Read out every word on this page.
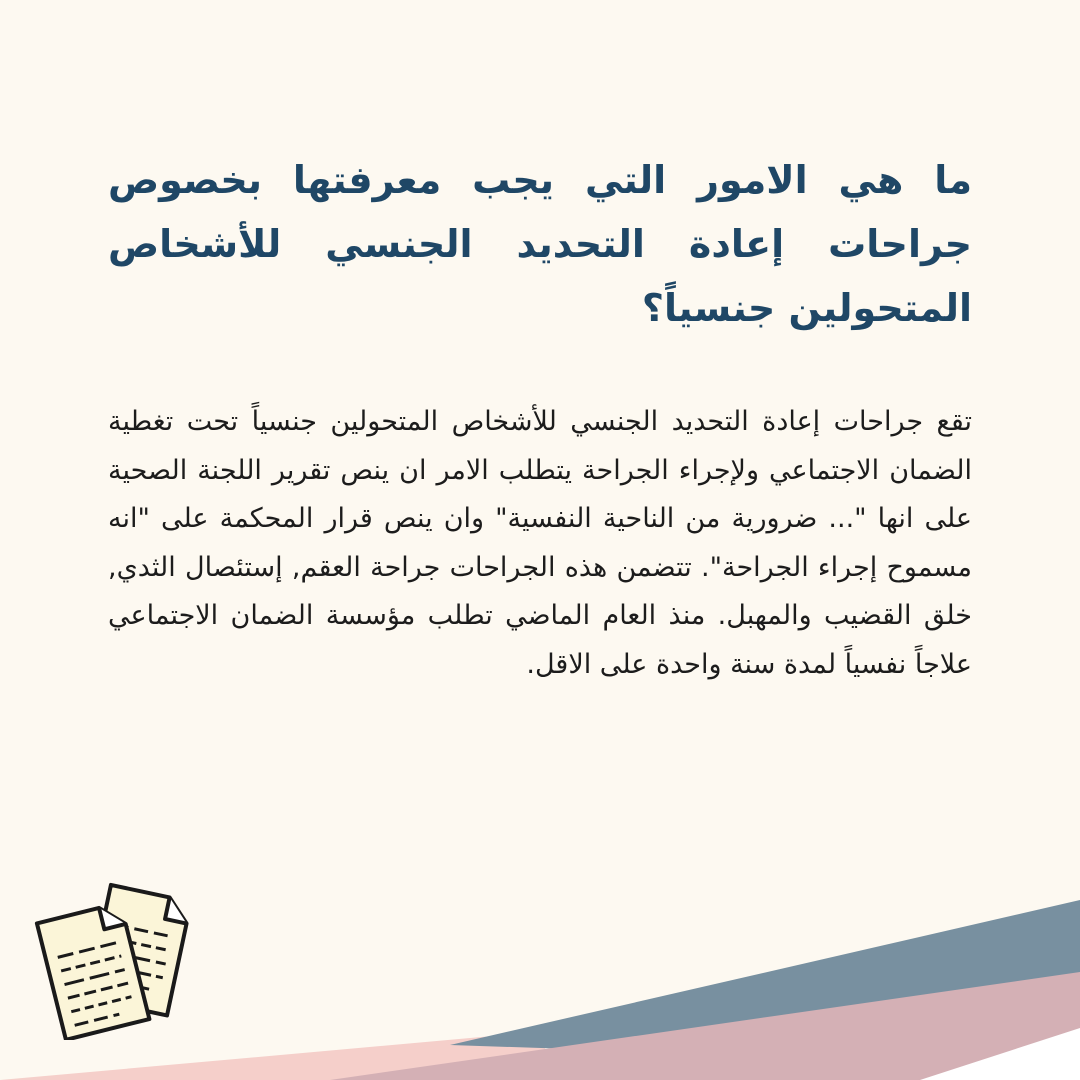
ما هي الامور التي يجب معرفتها بخصوص جراحات إعادة التحديد الجنسي للأشخاص المتحولين جنسياً؟

تقع جراحات إعادة التحديد الجنسي للأشخاص المتحولين جنسياً تحت تغطية الضمان الاجتماعي ولإجراء الجراحة يتطلب الامر ان ينص تقرير اللجنة الصحية على انها "... ضرورية من الناحية النفسية" وان ينص قرار المحكمة على "انه مسموح إجراء الجراحة". تتضمن هذه الجراحات جراحة العقم, إستئصال الثدي, خلق القضيب والمهبل. منذ العام الماضي تطلب مؤسسة الضمان الاجتماعي علاجاً نفسياً لمدة سنة واحدة على الاقل.
